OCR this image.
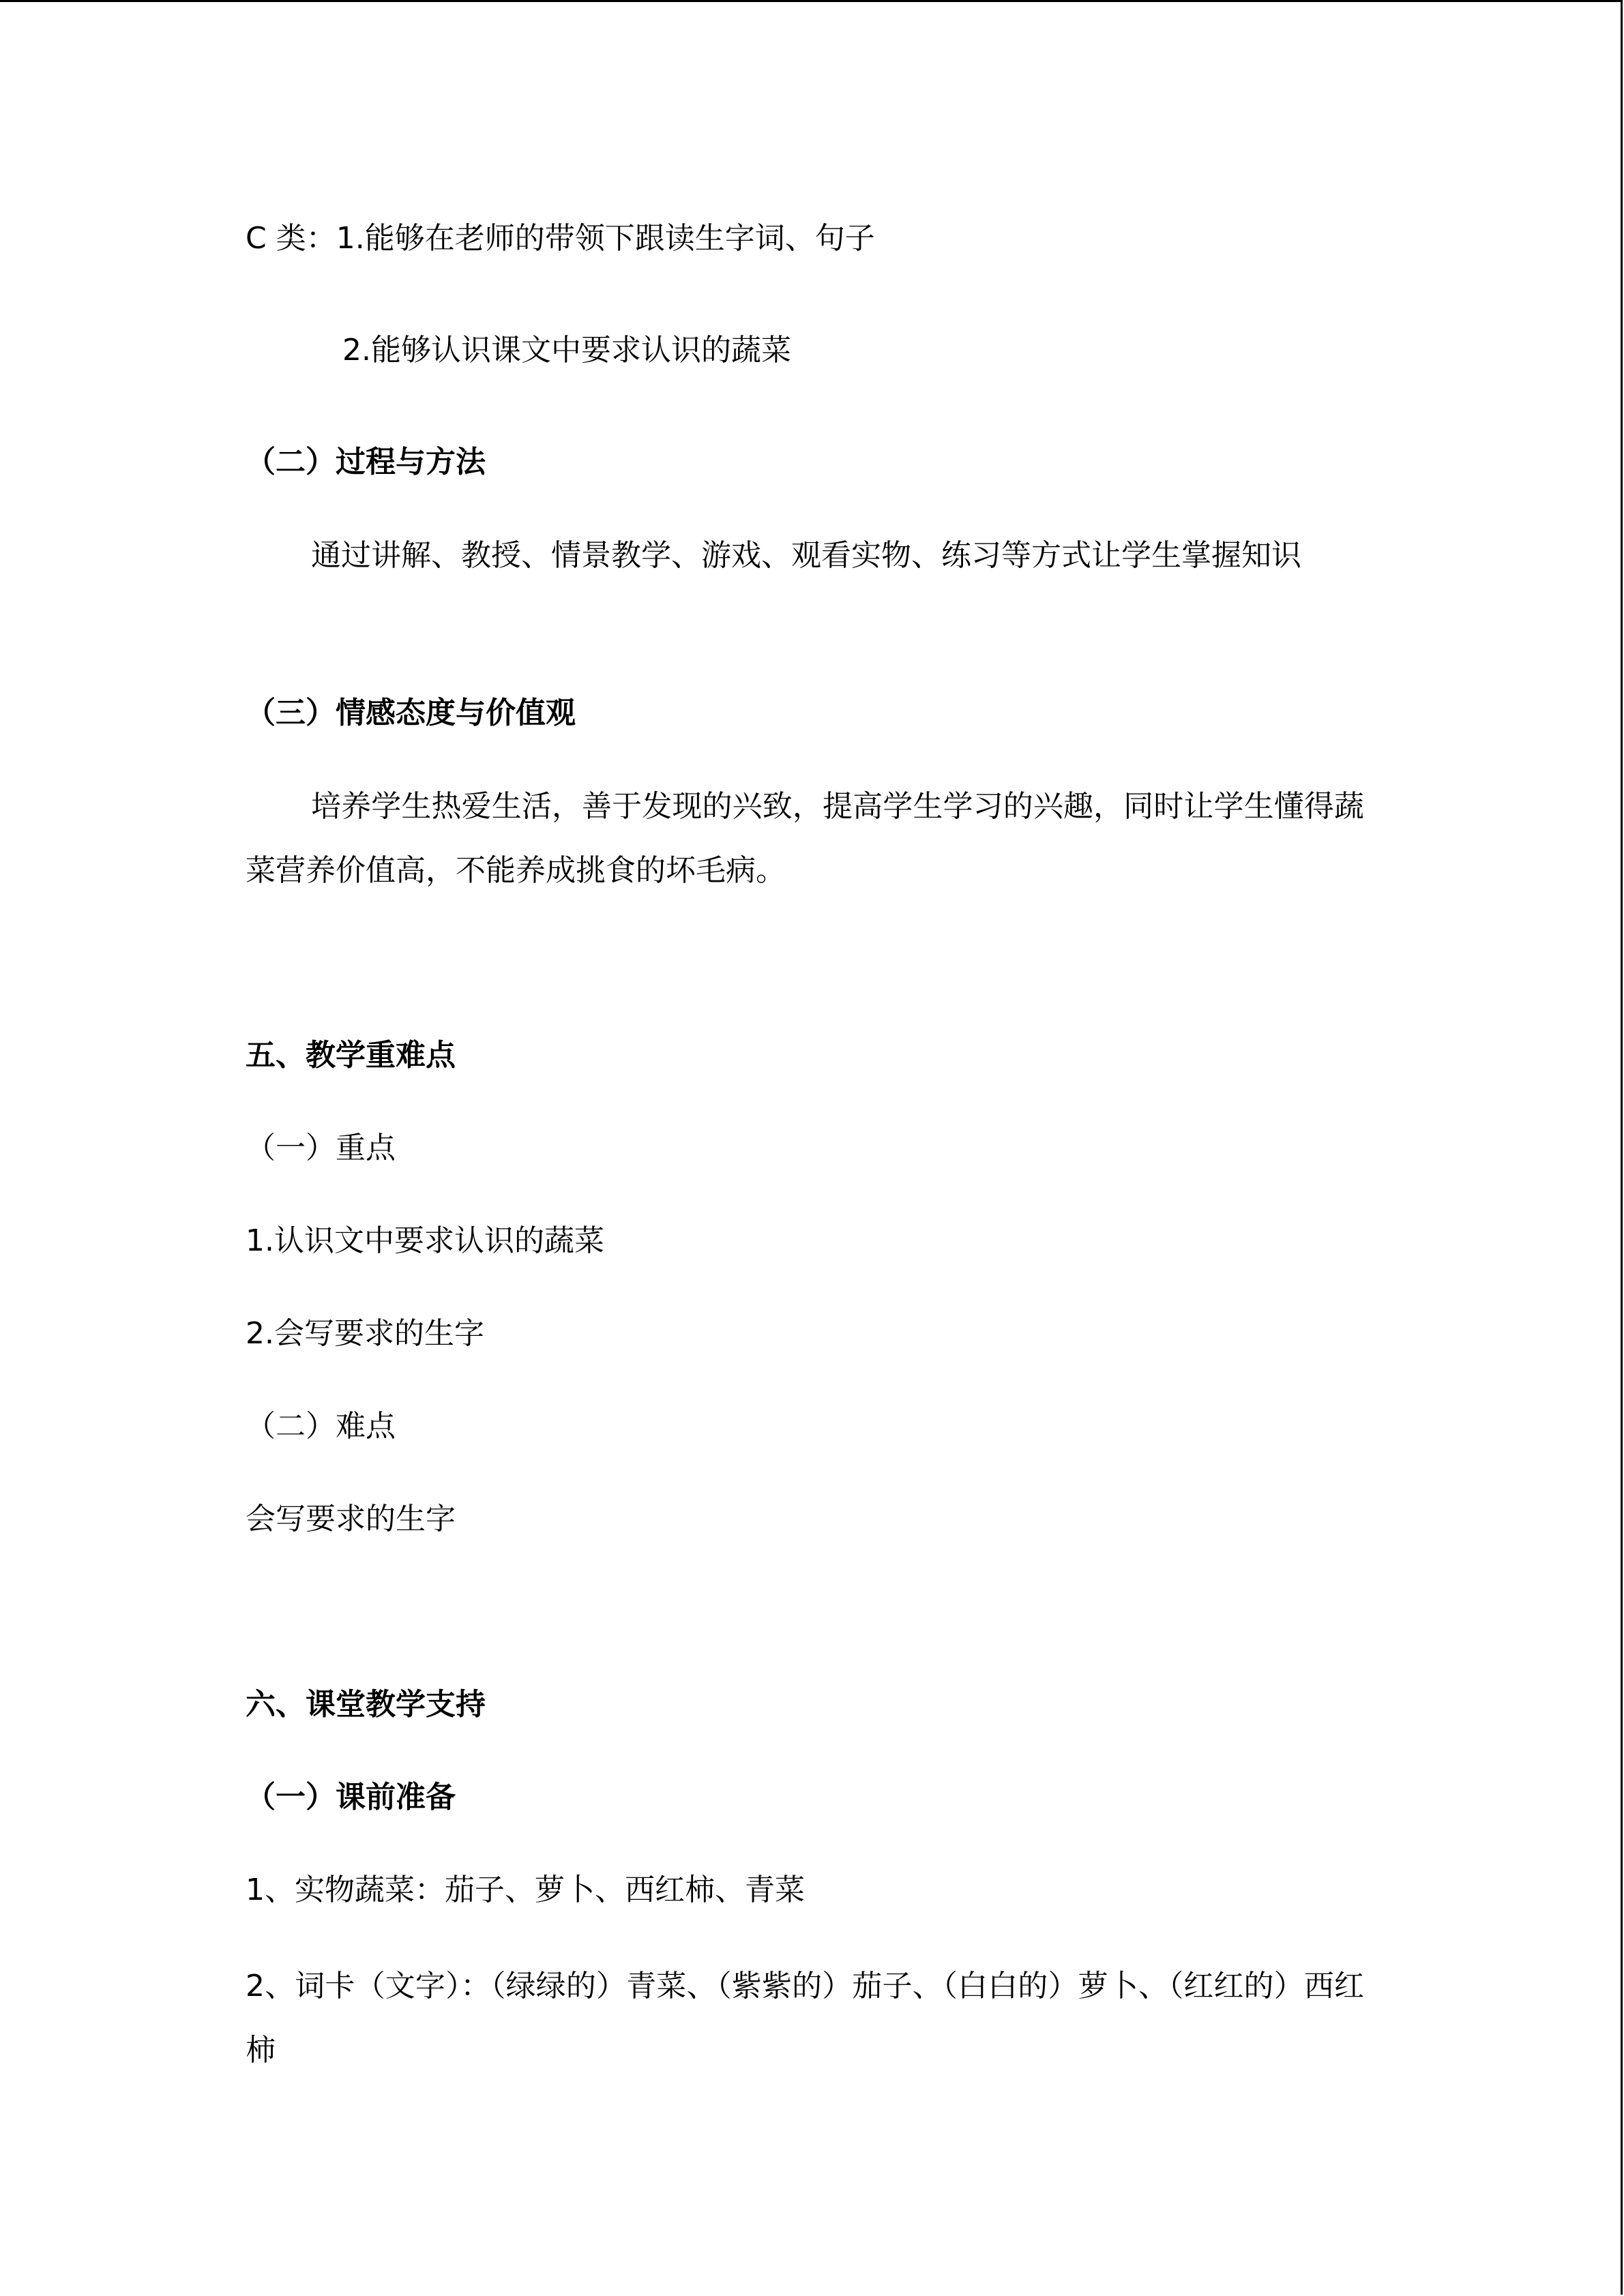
C 类：1.能够在老师的带领下跟读生字词、句子

2.能够认识课文中要求认识的蔬菜

（二）过程与方法

通过讲解、教授、情景教学、游戏、观看实物、练习等方式让学生掌握知识

（三）情感态度与价值观

培养学生热爱生活，善于发现的兴致，提高学生学习的兴趣，同时让学生懂得蔬菜营养价值高，不能养成挑食的坏毛病。

五、教学重难点

（一）重点

1.认识文中要求认识的蔬菜

2.会写要求的生字

（二）难点

会写要求的生字

六、课堂教学支持

（一）课前准备

1、实物蔬菜：茄子、萝卜、西红柿、青菜

2、词卡（文字）：（绿绿的）青菜、（紫紫的）茄子、（白白的）萝卜、（红红的）西红柿
